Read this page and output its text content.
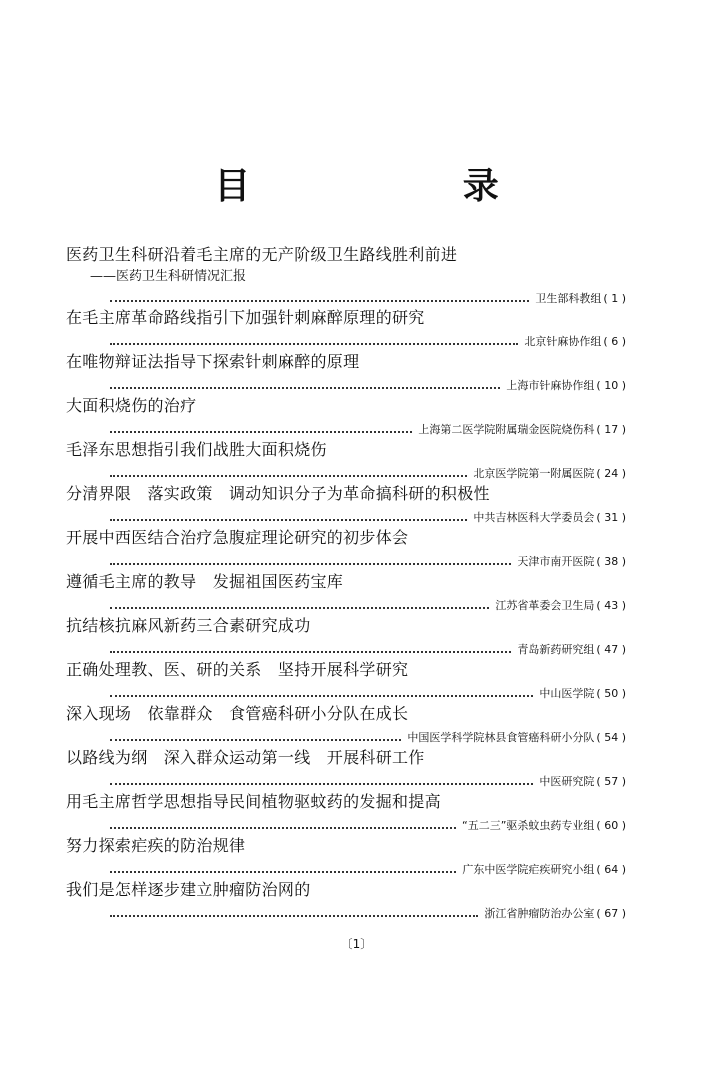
目 录
医药卫生科研沿着毛主席的无产阶级卫生路线胜利前进
——医药卫生科研情况汇报
卫生部科教组 ( 1 )
在毛主席革命路线指引下加强针刺麻醉原理的研究
北京针麻协作组 ( 6 )
在唯物辩证法指导下探索针刺麻醉的原理
上海市针麻协作组 ( 10 )
大面积烧伤的治疗
上海第二医学院附属瑞金医院烧伤科 ( 17 )
毛泽东思想指引我们战胜大面积烧伤
北京医学院第一附属医院 ( 24 )
分清界限　落实政策　调动知识分子为革命搞科研的积极性
中共吉林医科大学委员会 ( 31 )
开展中西医结合治疗急腹症理论研究的初步体会
天津市南开医院 ( 38 )
遵循毛主席的教导　发掘祖国医药宝库
江苏省革委会卫生局 ( 43 )
抗结核抗麻风新药三合素研究成功
青岛新药研究组 ( 47 )
正确处理教、医、研的关系　坚持开展科学研究
中山医学院 ( 50 )
深入现场　依靠群众　食管癌科研小分队在成长
中国医学科学院林县食管癌科研小分队 ( 54 )
以路线为纲　深入群众运动第一线　开展科研工作
中医研究院 ( 57 )
用毛主席哲学思想指导民间植物驱蚊药的发掘和提高
“五二三”驱杀蚊虫药专业组 ( 60 )
努力探索疟疾的防治规律
广东中医学院疟疾研究小组 ( 64 )
我们是怎样逐步建立肿瘤防治网的
浙江省肿瘤防治办公室 ( 67 )
〔1〕
